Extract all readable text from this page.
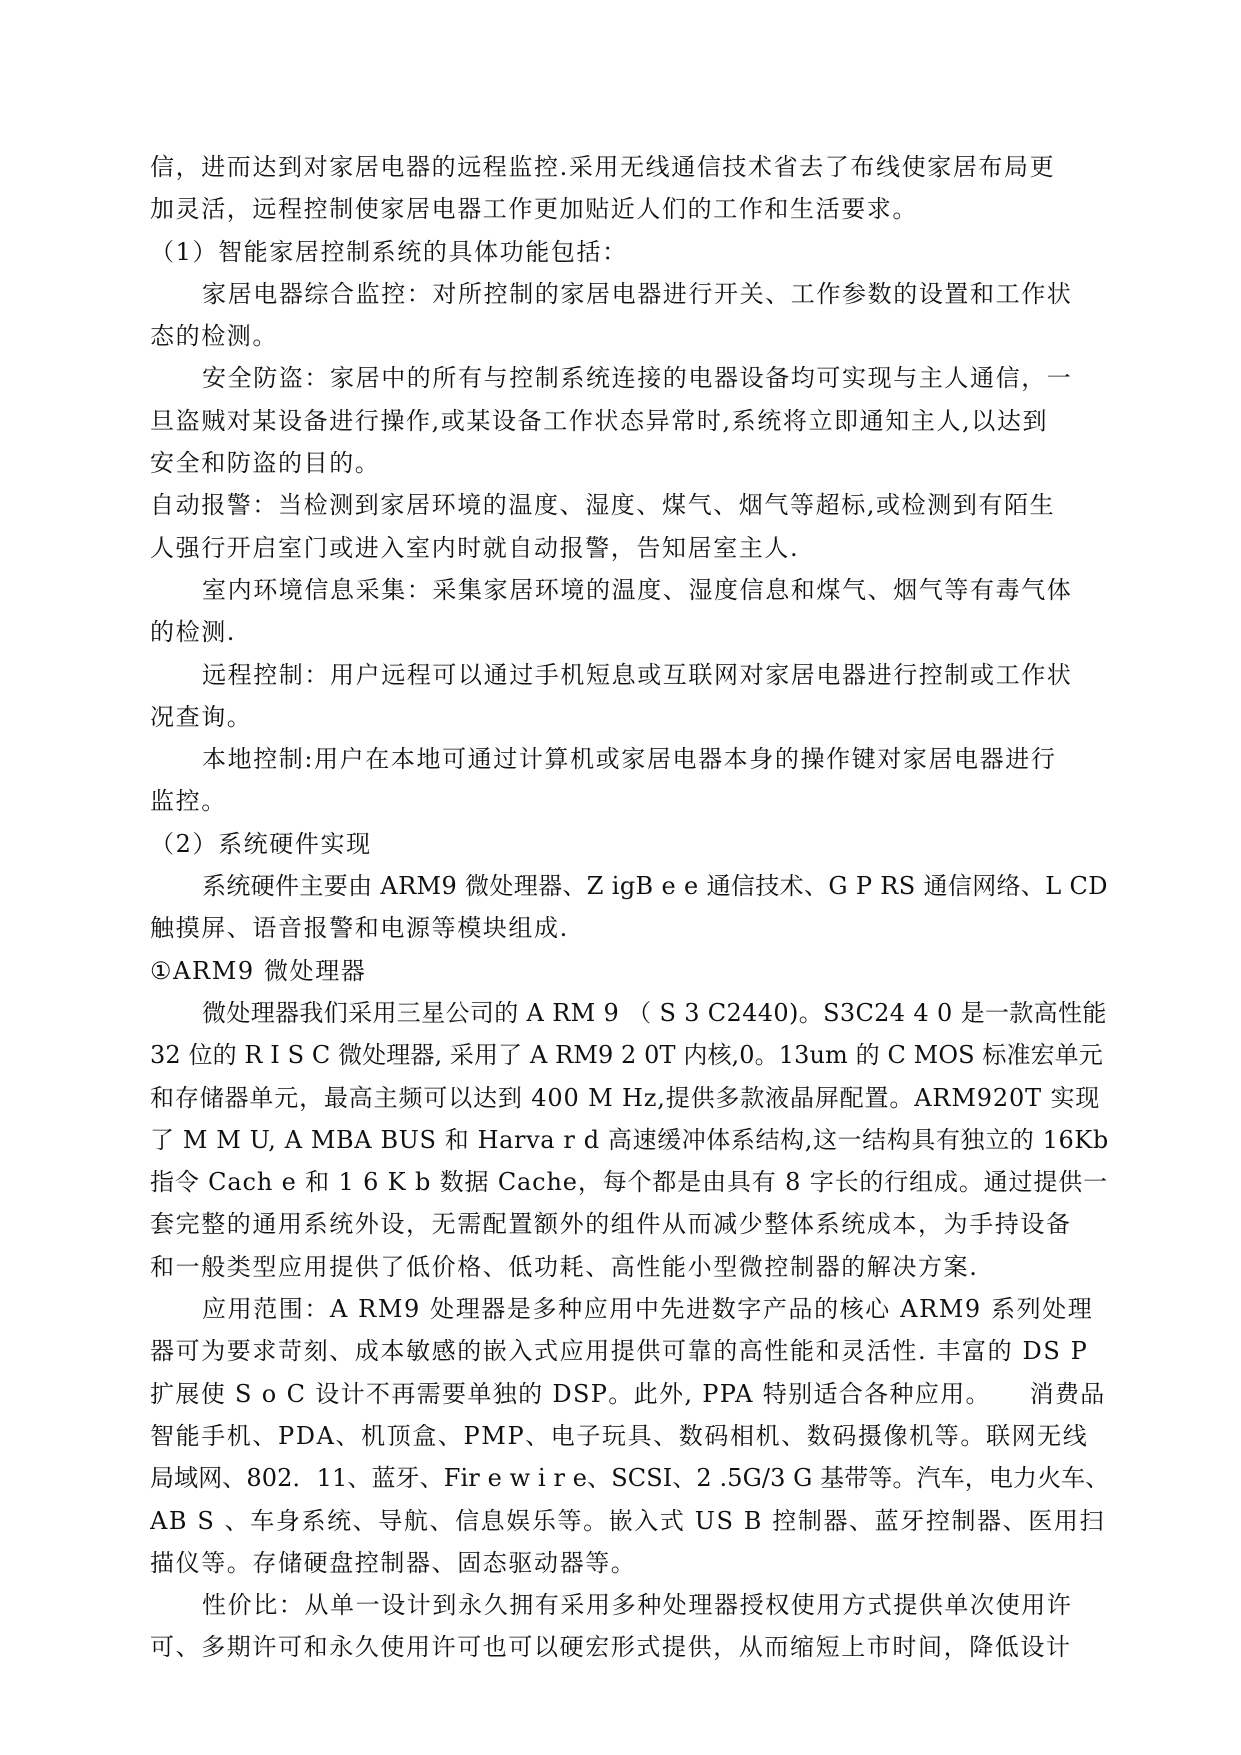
信，进而达到对家居电器的远程监控.采用无线通信技术省去了布线使家居布局更
加灵活，远程控制使家居电器工作更加贴近人们的工作和生活要求。
（1）智能家居控制系统的具体功能包括：
家居电器综合监控：对所控制的家居电器进行开关、工作参数的设置和工作状
态的检测。
安全防盗：家居中的所有与控制系统连接的电器设备均可实现与主人通信，一
旦盗贼对某设备进行操作,或某设备工作状态异常时,系统将立即通知主人,以达到
安全和防盗的目的。
自动报警：当检测到家居环境的温度、湿度、煤气、烟气等超标,或检测到有陌生
人强行开启室门或进入室内时就自动报警，告知居室主人.
室内环境信息采集：采集家居环境的温度、湿度信息和煤气、烟气等有毒气体
的检测.
远程控制：用户远程可以通过手机短息或互联网对家居电器进行控制或工作状
况查询。
本地控制:用户在本地可通过计算机或家居电器本身的操作键对家居电器进行
监控。
（2）系统硬件实现
系统硬件主要由 ARM9 微处理器、Z igB e e 通信技术、G P RS 通信网络、L CD
触摸屏、语音报警和电源等模块组成.
①ARM9 微处理器
微处理器我们采用三星公司的 A RM 9 （ S 3 C2440)。S3C24 4 0 是一款高性能
32 位的 R I S C 微处理器, 采用了 A RM9 2 0T 内核,0。13um 的 C MOS 标准宏单元
和存储器单元，最高主频可以达到 400 M Hz,提供多款液晶屏配置。ARM920T 实现
了 M M U, A MBA BUS 和 Harva r d 高速缓冲体系结构,这一结构具有独立的 16Kb
指令 Cach e 和 1 6 K b 数据 Cache，每个都是由具有 8 字长的行组成。通过提供一
套完整的通用系统外设，无需配置额外的组件从而减少整体系统成本，为手持设备
和一般类型应用提供了低价格、低功耗、高性能小型微控制器的解决方案.
应用范围：A RM9 处理器是多种应用中先进数字产品的核心 ARM9 系列处理
器可为要求苛刻、成本敏感的嵌入式应用提供可靠的高性能和灵活性. 丰富的 DS P
扩展使 S o C 设计不再需要单独的 DSP。此外, PPA 特别适合各种应用。　　消费品
智能手机、PDA、机顶盒、PMP、电子玩具、数码相机、数码摄像机等。联网无线
局域网、802．11、蓝牙、Fir e w i r e、SCSI、2 .5G/3 G 基带等。汽车，电力火车、
AB S 、车身系统、导航、信息娱乐等。嵌入式 US B 控制器、蓝牙控制器、医用扫
描仪等。存储硬盘控制器、固态驱动器等。
性价比：从单一设计到永久拥有采用多种处理器授权使用方式提供单次使用许
可、多期许可和永久使用许可也可以硬宏形式提供，从而缩短上市时间，降低设计
